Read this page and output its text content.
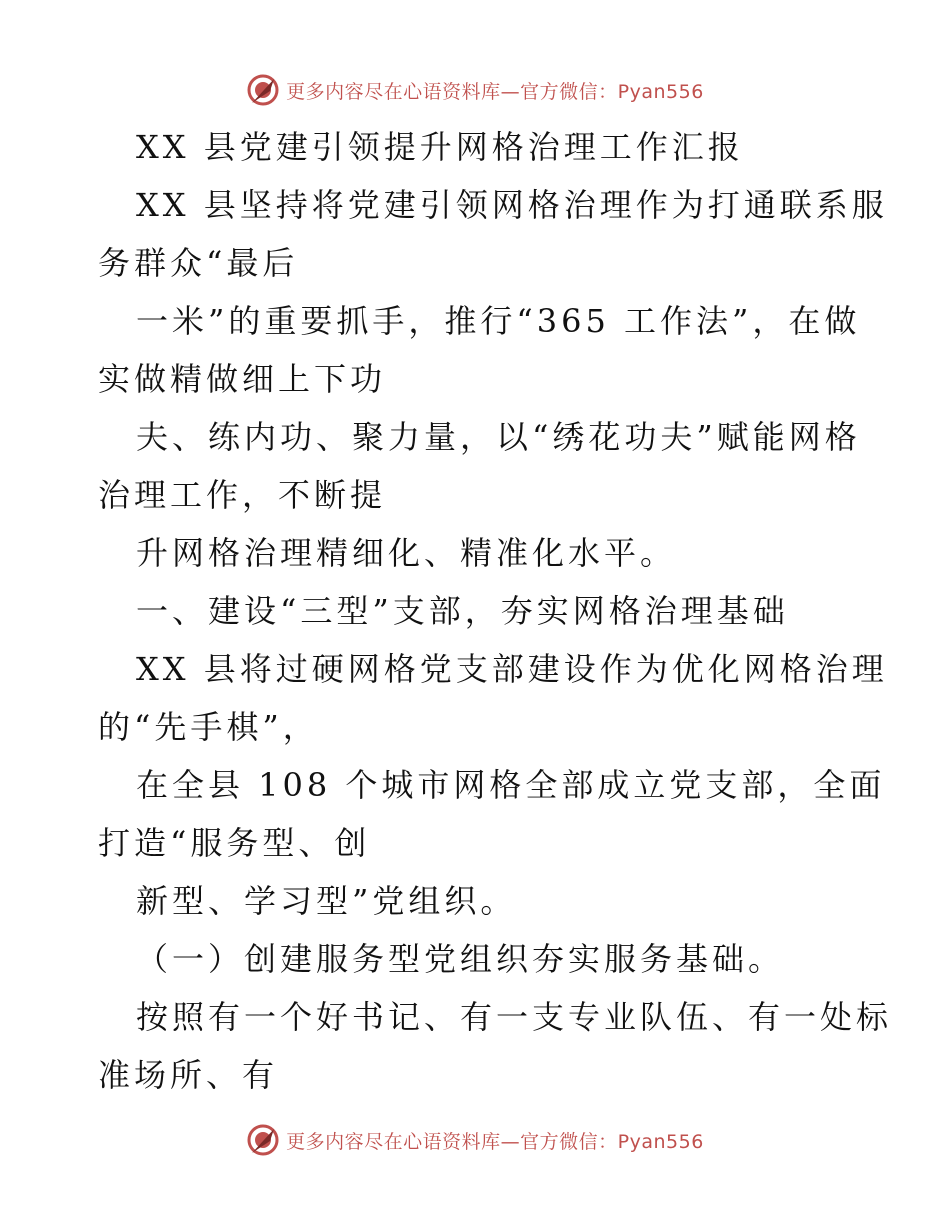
更多内容尽在心语资料库—官方微信：Pyan556
XX 县党建引领提升网格治理工作汇报
XX 县坚持将党建引领网格治理作为打通联系服
务群众“最后
一米”的重要抓手，推行“365 工作法”，在做
实做精做细上下功
夫、练内功、聚力量，以“绣花功夫”赋能网格
治理工作，不断提
升网格治理精细化、精准化水平。
一、建设“三型”支部，夯实网格治理基础
XX 县将过硬网格党支部建设作为优化网格治理
的“先手棋”，
在全县 108 个城市网格全部成立党支部，全面
打造“服务型、创
新型、学习型”党组织。
（一）创建服务型党组织夯实服务基础。
按照有一个好书记、有一支专业队伍、有一处标
准场所、有
更多内容尽在心语资料库—官方微信：Pyan556
